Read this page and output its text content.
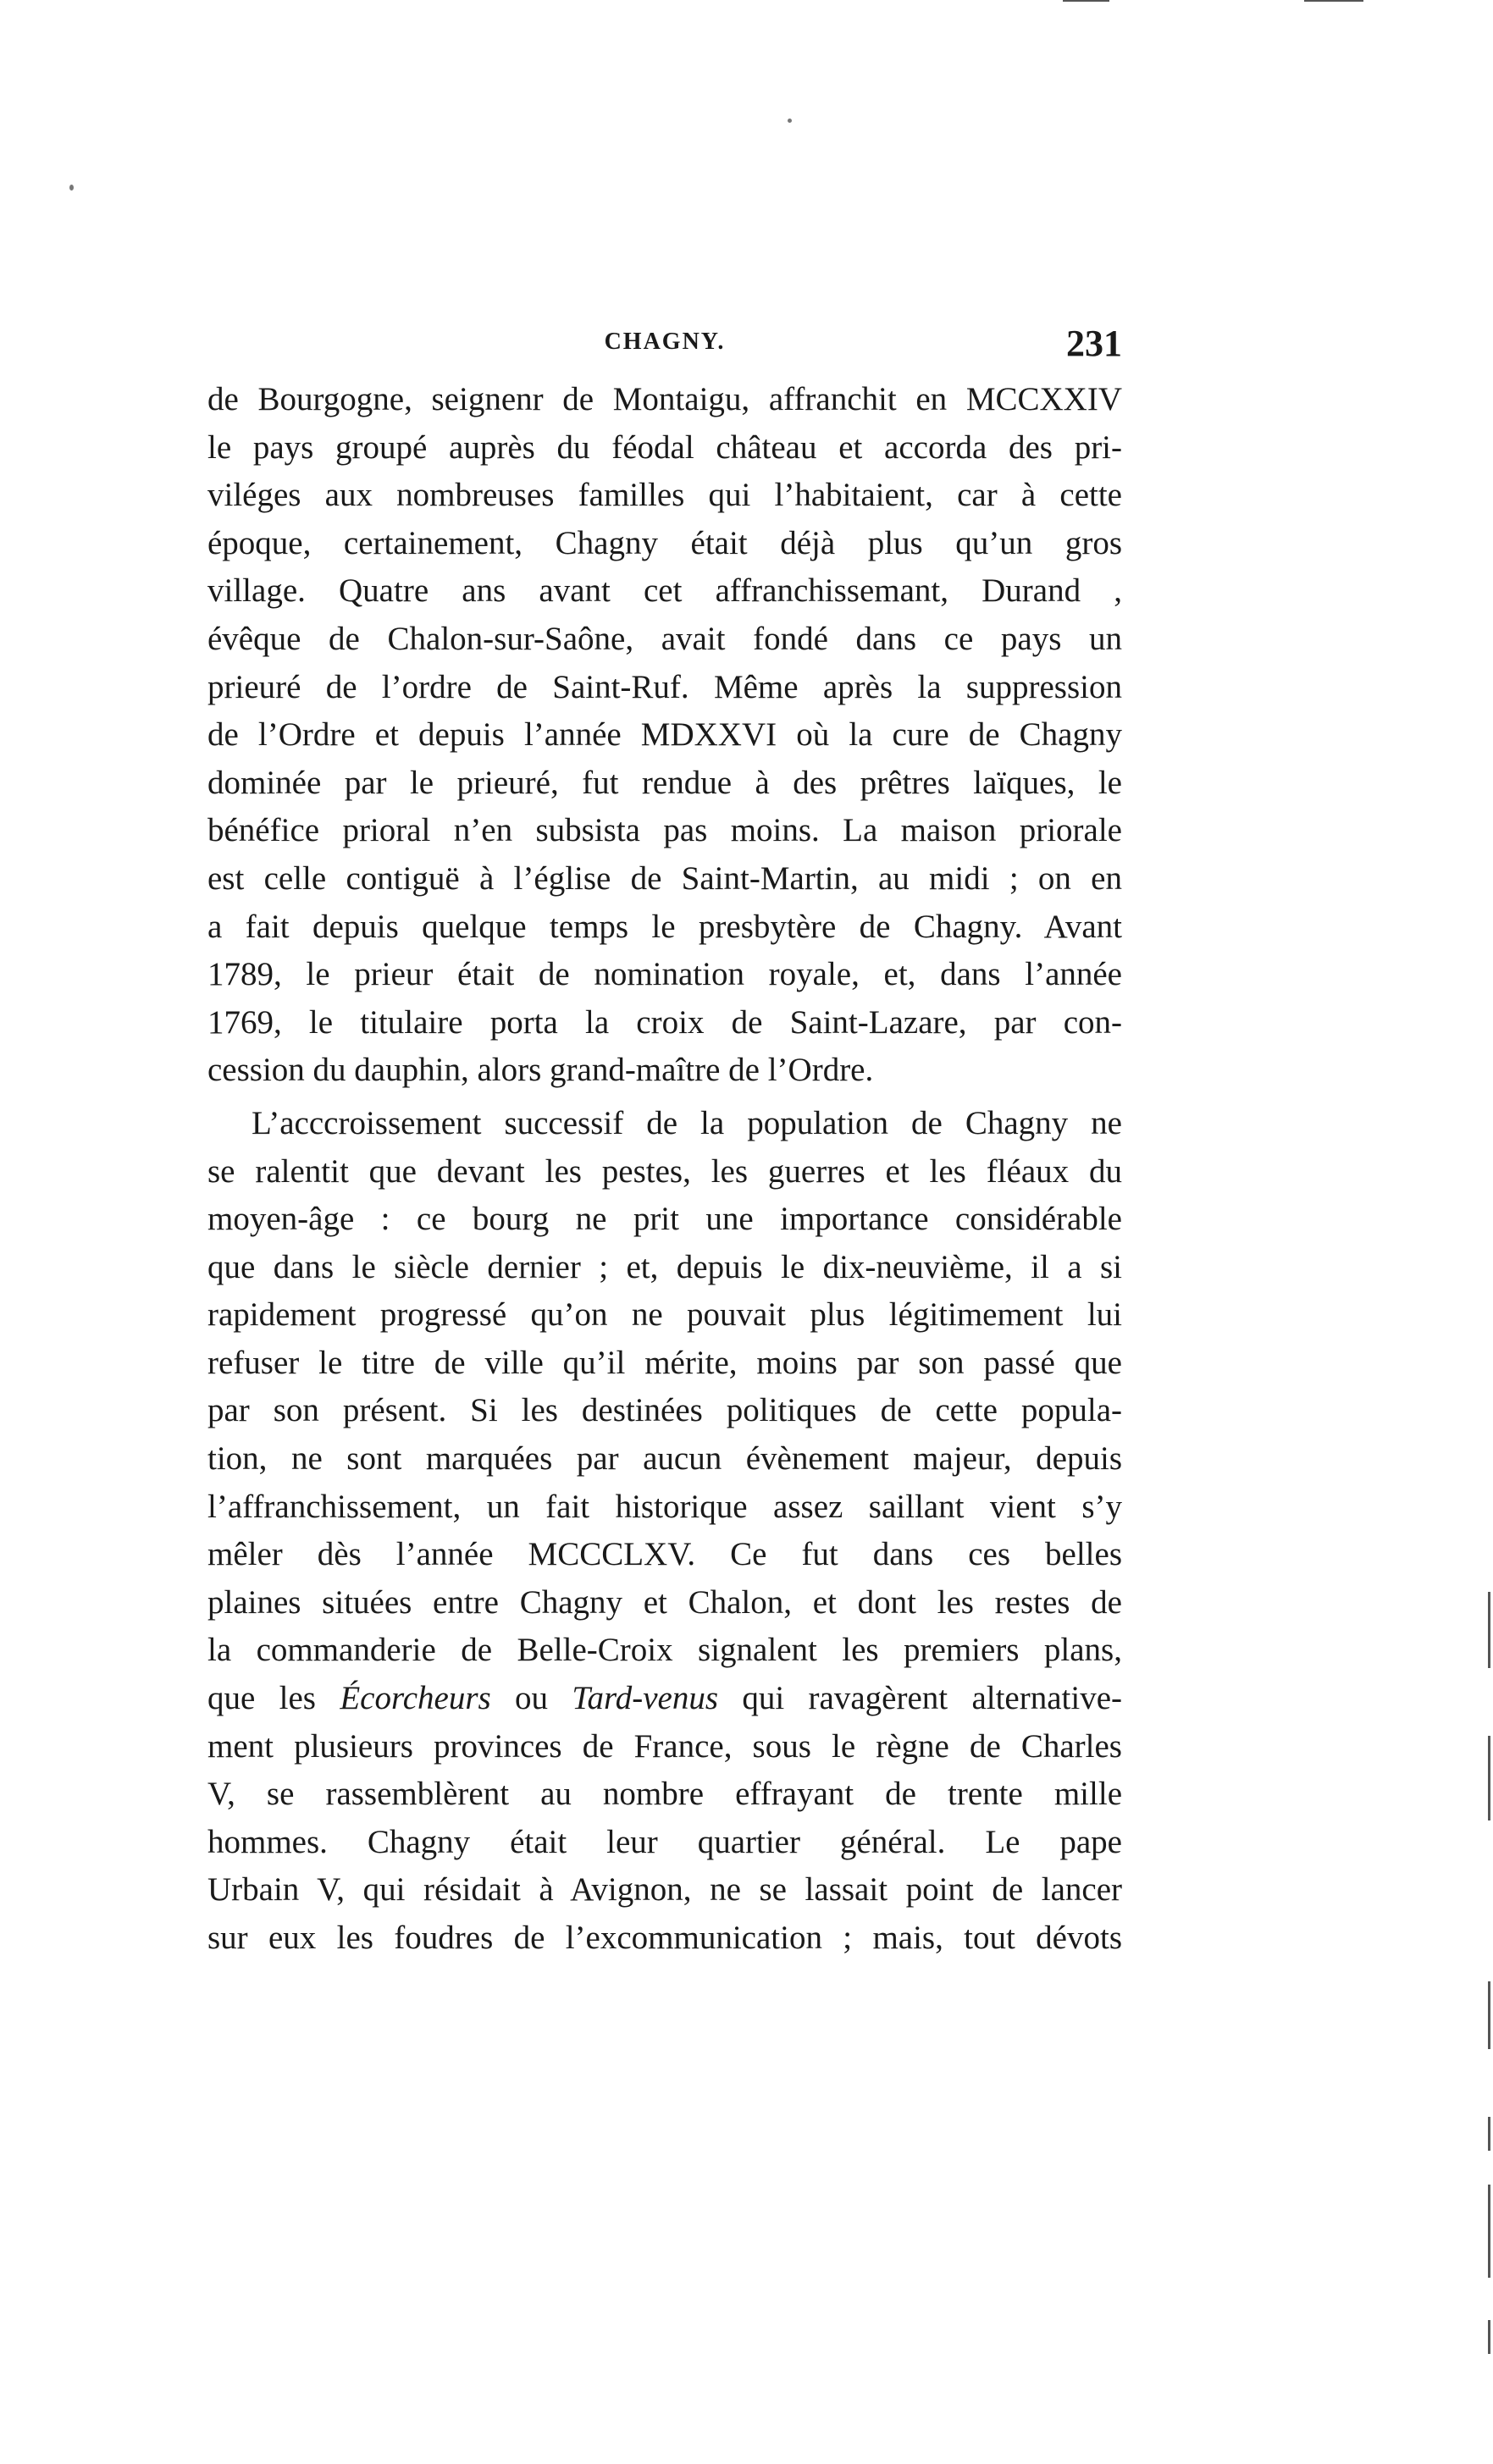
CHAGNY.	231
de Bourgogne, seignenr de Montaigu, affranchit en MCCXXIV
le pays groupé auprès du féodal château et accorda des pri-
viléges aux nombreuses familles qui l’habitaient, car à cette
époque, certainement, Chagny était déjà plus qu’un gros
village. Quatre ans avant cet affranchissemant, Durand ,
évêque de Chalon-sur-Saône, avait fondé dans ce pays un
prieuré de l’ordre de Saint-Ruf. Même après la suppression
de l’Ordre et depuis l’année MDXXVI où la cure de Chagny
dominée par le prieuré, fut rendue à des prêtres laïques, le
bénéfice prioral n’en subsista pas moins. La maison priorale
est celle contiguë à l’église de Saint-Martin, au midi ; on en
a fait depuis quelque temps le presbytère de Chagny. Avant
1789, le prieur était de nomination royale, et, dans l’année
1769, le titulaire porta la croix de Saint-Lazare, par con-
cession du dauphin, alors grand-maître de l’Ordre.
L’acccroissement successif de la population de Chagny ne
se ralentit que devant les pestes, les guerres et les fléaux du
moyen-âge : ce bourg ne prit une importance considérable
que dans le siècle dernier ; et, depuis le dix-neuvième, il a si
rapidement progressé qu’on ne pouvait plus légitimement lui
refuser le titre de ville qu’il mérite, moins par son passé que
par son présent. Si les destinées politiques de cette popula-
tion, ne sont marquées par aucun évènement majeur, depuis
l’affranchissement, un fait historique assez saillant vient s’y
mêler dès l’année MCCCLXV. Ce fut dans ces belles
plaines situées entre Chagny et Chalon, et dont les restes de
la commanderie de Belle-Croix signalent les premiers plans,
que les Écorcheurs ou Tard-venus qui ravagèrent alternative-
ment plusieurs provinces de France, sous le règne de Charles
V, se rassemblèrent au nombre effrayant de trente mille
hommes. Chagny était leur quartier général. Le pape
Urbain V, qui résidait à Avignon, ne se lassait point de lancer
sur eux les foudres de l’excommunication ; mais, tout dévots
